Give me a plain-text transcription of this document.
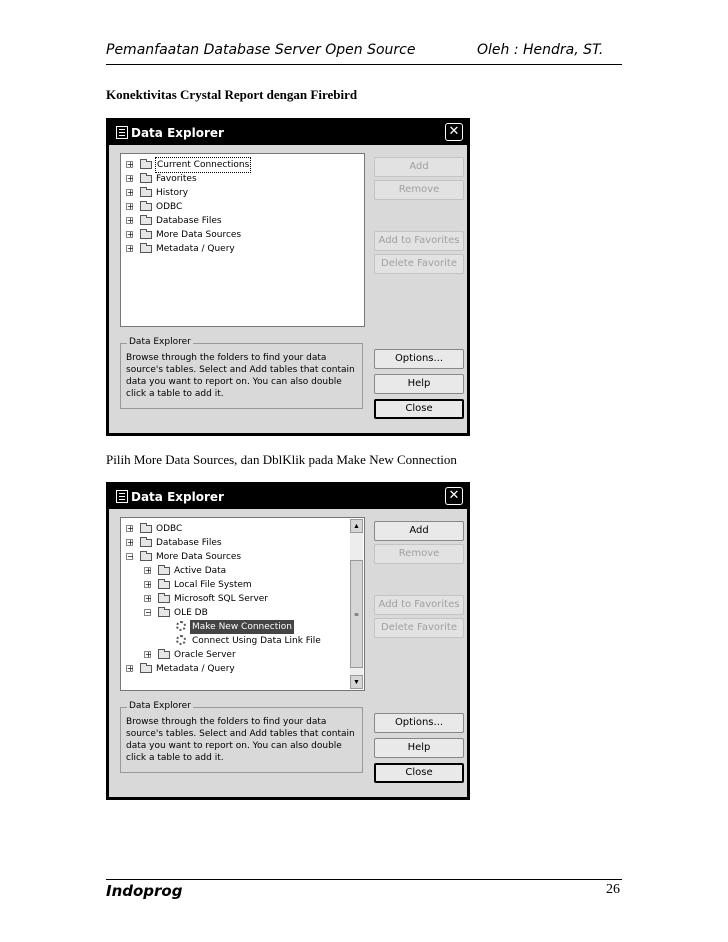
Pemanfaatan Database Server Open Source	Oleh : Hendra, ST.
Konektivitas Crystal Report dengan Firebird
Data Explorer	✕
+	Current Connections
+ Favorites
+ History
+ ODBC
+ Database Files
+ More Data Sources
+ Metadata / Query
Add
Remove
Add to Favorites
Delete Favorite
Data Explorer
Browse through the folders to find your data source's tables. Select and Add tables that contain data you want to report on. You can also double click a table to add it.
Options...
Help
Close
Pilih More Data Sources, dan DblKlik pada Make New Connection
Data Explorer	✕
+ ODBC
+ Database Files
− More Data Sources
+ Active Data
+ Local File System
+ Microsoft SQL Server
− OLE DB
Make New Connection
Connect Using Data Link File
+ Oracle Server
+ Metadata / Query
▲
≡
▼
Add
Remove
Add to Favorites
Delete Favorite
Data Explorer
Browse through the folders to find your data source's tables. Select and Add tables that contain data you want to report on. You can also double click a table to add it.
Options...
Help
Close
Indoprog	26
